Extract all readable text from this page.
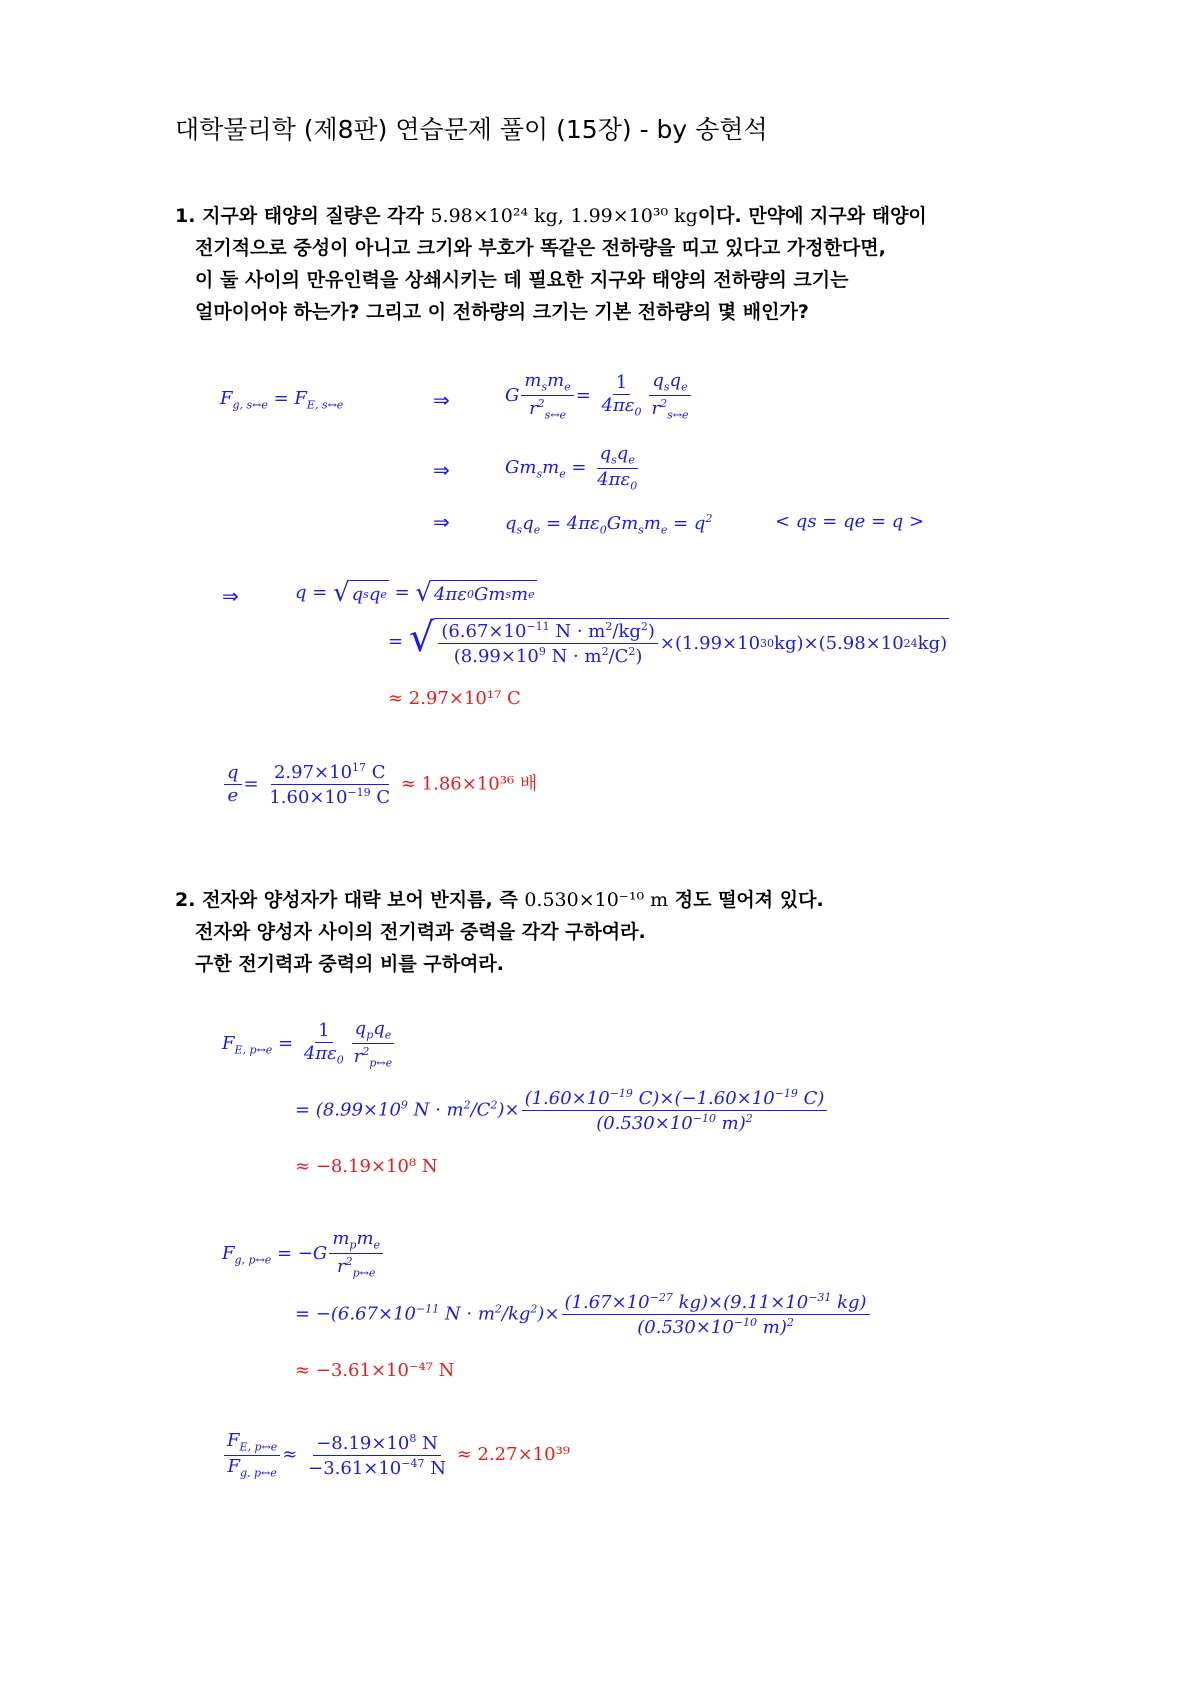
대학물리학 (제8판) 연습문제 풀이 (15장) - by 송현석
1. 지구와 태양의 질량은 각각 5.98×10²⁴ kg, 1.99×10³⁰ kg이다. 만약에 지구와 태양이
전기적으로 중성이 아니고 크기와 부호가 똑같은 전하량을 띠고 있다고 가정한다면,
이 둘 사이의 만유인력을 상쇄시키는 데 필요한 지구와 태양의 전하량의 크기는
얼마이어야 하는가? 그리고 이 전하량의 크기는 기본 전하량의 몇 배인가?
$F_{g, s\leftrightarrow e} = F_{E, s\leftrightarrow e}$	⇒	G $\frac{m_sm_e}{r^2_{s\leftrightarrow e}} = \frac{1}{4\pi\varepsilon_0} \frac{q_sq_e}{r^2_{s\leftrightarrow e}}$
⇒	$Gm_sm_e = \frac{q_sq_e}{4\pi\varepsilon_0}$
⇒	$q_sq_e = 4\pi\varepsilon_0Gm_sm_e = q^2$	< qs = qe = q >
⇒	q = √ q s q e = √ 4πε 0 Gm s m e
= √ $\frac{(6.67\times 10^{-11} N \cdot m^2/kg^2)}{(8.99\times 10^9 N \cdot m^2/C^2)} \times(1.99\times 10$ 30 kg)×(5.98×10 24 kg)
≈ 2.97×10¹⁷ C
$\frac{q}{e} = \frac{2.97\times 10^{17} C}{1.60\times 10^{-19} C} \approx 1.86\times 10^{36}$ 배
2. 전자와 양성자가 대략 보어 반지름, 즉 0.530×10⁻¹⁰ m 정도 떨어져 있다.
전자와 양성자 사이의 전기력과 중력을 각각 구하여라.
구한 전기력과 중력의 비를 구하여라.
$F_{E, p\leftrightarrow e} = \frac{1}{4\pi\varepsilon_0} \frac{q_pq_e}{r^2_{p\leftrightarrow e}}$
= ($8.99\times 10^9$ $N \cdot m^2/C^2)\times \frac{(1.60\times 10^{-19} C)\times(-1.60\times 10^{-19} C)}{(0.530\times 10^{-10} m)^2}$
≈ −8.19×10⁸ N
$F_{g, p\leftrightarrow e} = -G \frac{m_pm_e}{r^2_{p\leftrightarrow e}}$
= $-(6.67\times 10^{-11}$ $N \cdot m^2/kg^2)\times \frac{(1.67\times 10^{-27} kg)\times(9.11\times 10^{-31} kg)}{(0.530\times 10^{-10} m)^2}$
≈ −3.61×10⁻⁴⁷ N
$\frac{F_{E, p\leftrightarrow e}}{F_{g, p\leftrightarrow e}} \approx \frac{-8.19\times 10^8 N}{-3.61\times 10^{-47} N} \approx 2.27\times 10^{39}$
